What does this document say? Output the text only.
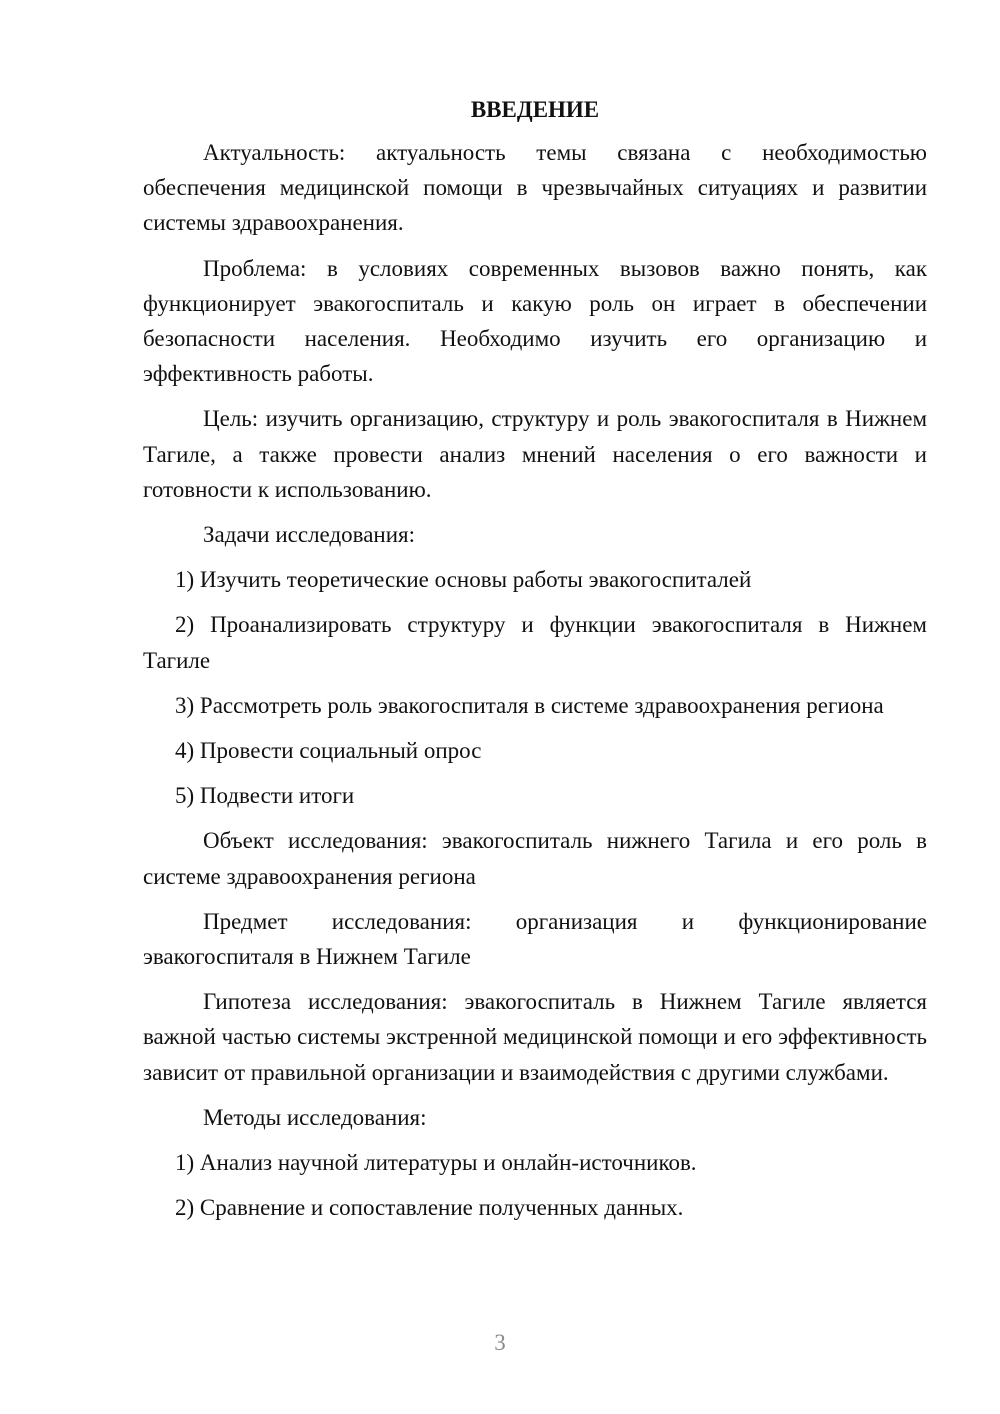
ВВЕДЕНИЕ

Актуальность: актуальность темы связана с необходимостью обеспечения медицинской помощи в чрезвычайных ситуациях и развитии системы здравоохранения.

Проблема: в условиях современных вызовов важно понять, как функционирует эвакогоспиталь и какую роль он играет в обеспечении безопасности населения. Необходимо изучить его организацию и эффективность работы.

Цель: изучить организацию, структуру и роль эвакогоспиталя в Нижнем Тагиле, а также провести анализ мнений населения о его важности и готовности к использованию.

Задачи исследования:

1) Изучить теоретические основы работы эвакогоспиталей

2) Проанализировать структуру и функции эвакогоспиталя в Нижнем Тагиле

3) Рассмотреть роль эвакогоспиталя в системе здравоохранения региона

4) Провести социальный опрос

5) Подвести итоги

Объект исследования: эвакогоспиталь нижнего Тагила и его роль в системе здравоохранения региона

Предмет исследования: организация и функционирование эвакогоспиталя в Нижнем Тагиле

Гипотеза исследования: эвакогоспиталь в Нижнем Тагиле является важной частью системы экстренной медицинской помощи и его эффективность зависит от правильной организации и взаимодействия с другими службами.

Методы исследования:

1) Анализ научной литературы и онлайн-источников.

2) Сравнение и сопоставление полученных данных.

3
